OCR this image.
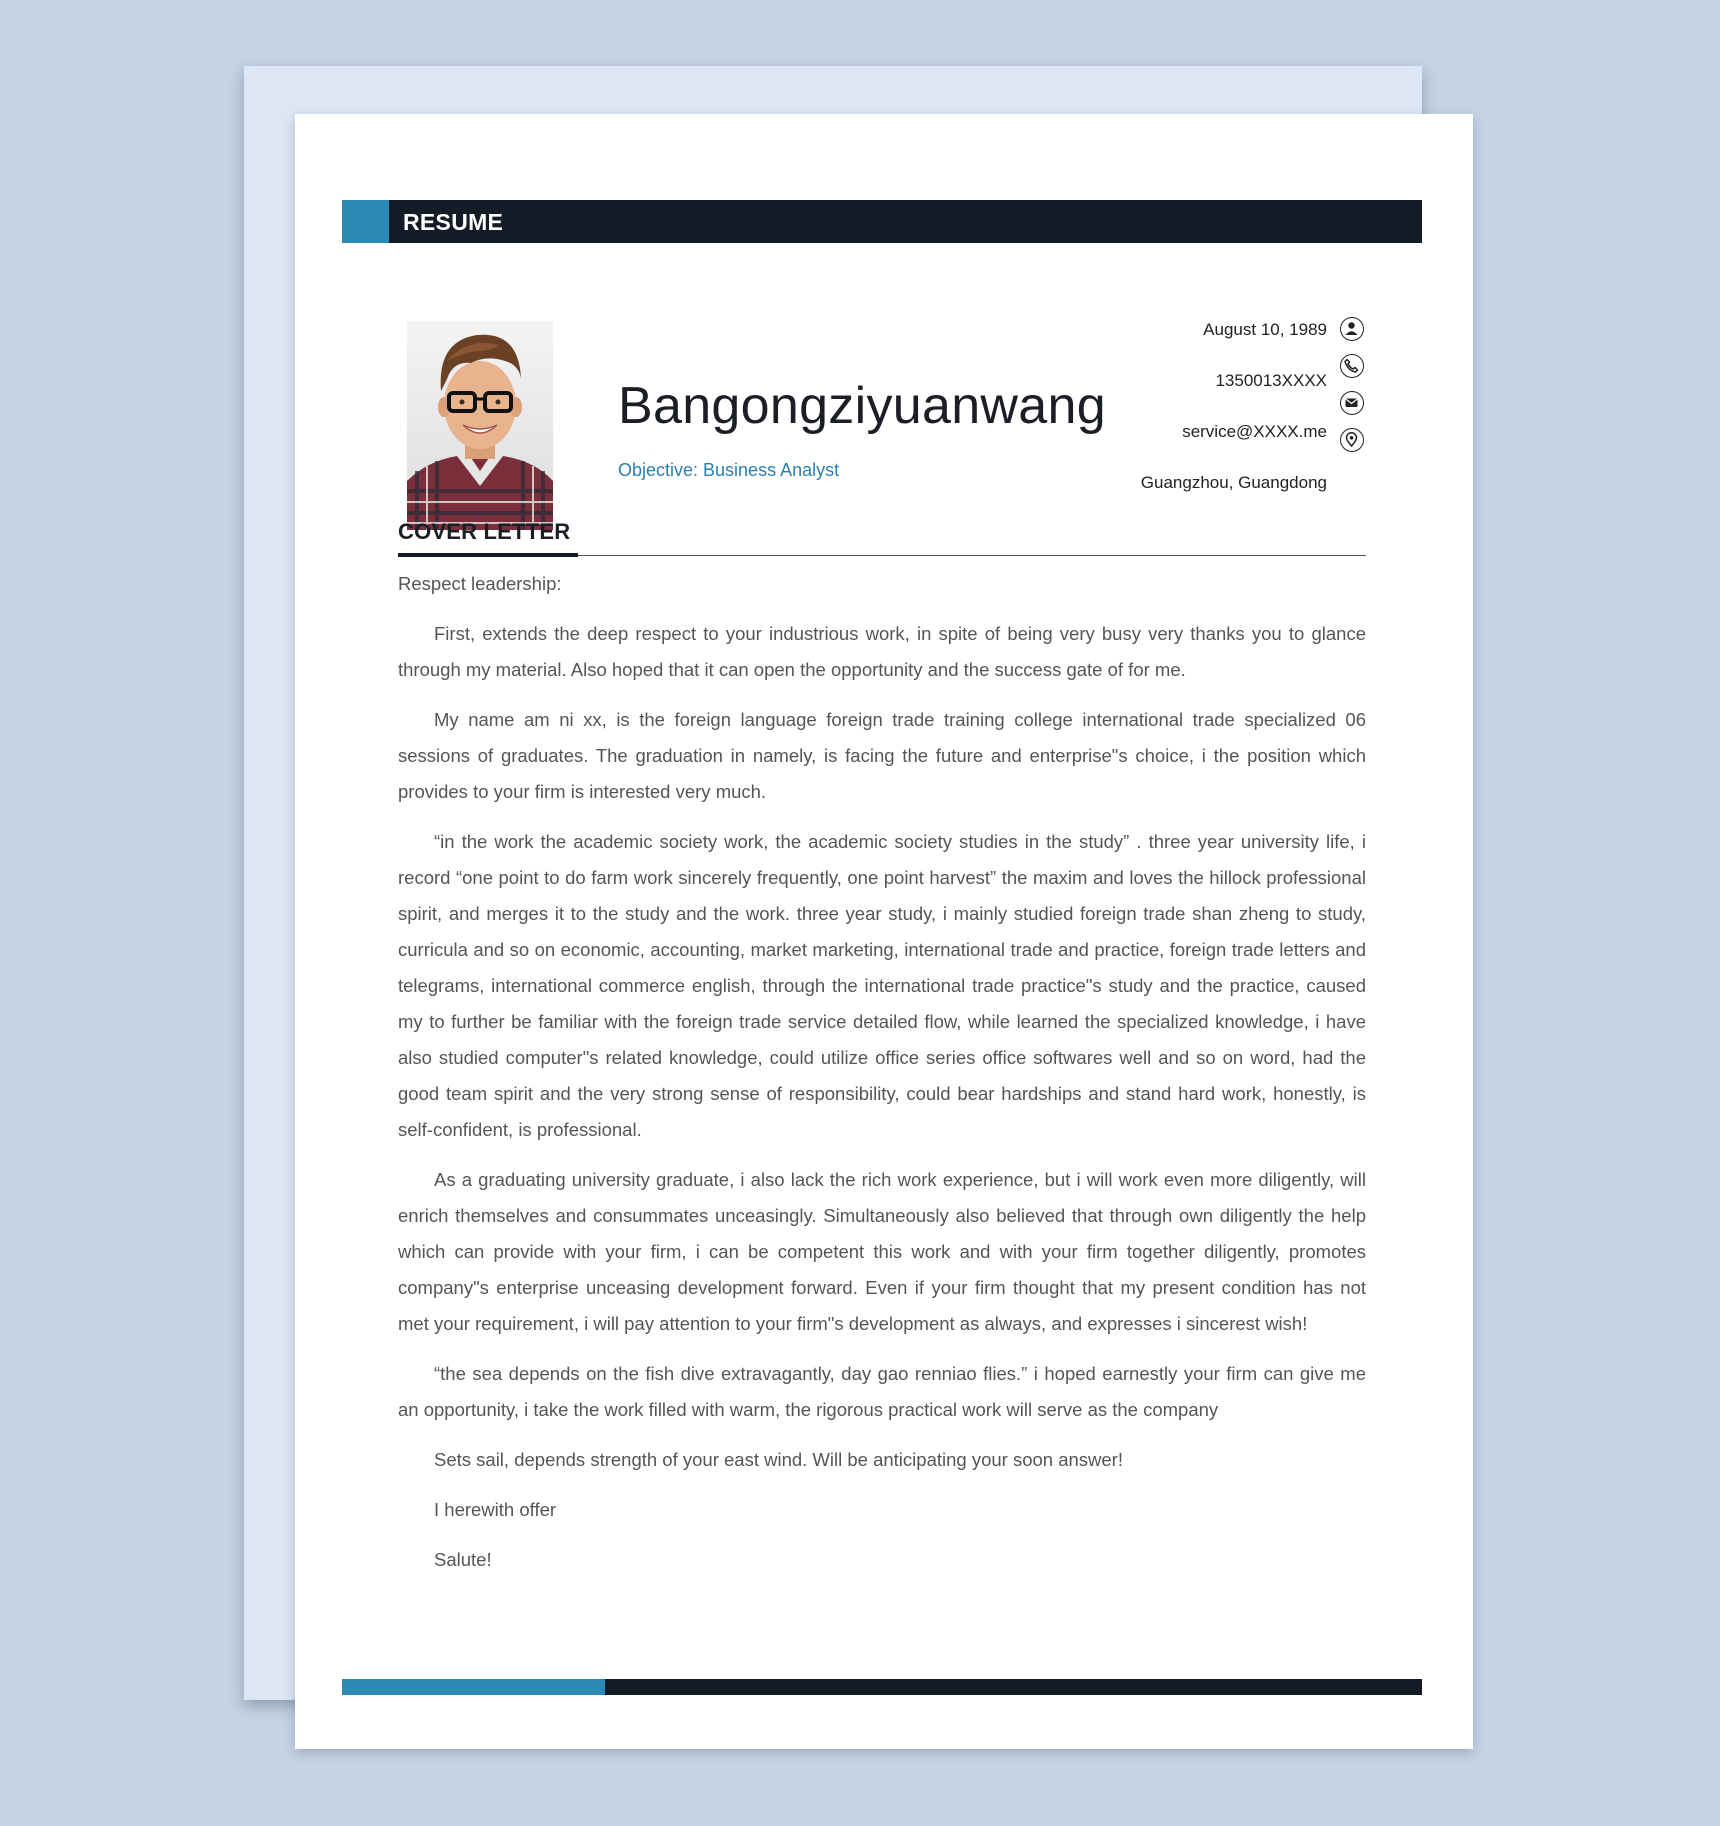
RESUME
Bangongziyuanwang
Objective: Business Analyst
August 10, 1989
1350013XXXX
service@XXXX.me
Guangzhou, Guangdong
COVER LETTER

Respect leadership:

First, extends the deep respect to your industrious work, in spite of being very busy very thanks you to glance through my material. Also hoped that it can open the opportunity and the success gate of for me.

My name am ni xx, is the foreign language foreign trade training college international trade specialized 06 sessions of graduates. The graduation in namely, is facing the future and enterprise"s choice, i the position which provides to your firm is interested very much.

“in the work the academic society work, the academic society studies in the study” . three year university life, i record “one point to do farm work sincerely frequently, one point harvest” the maxim and loves the hillock professional spirit, and merges it to the study and the work. three year study, i mainly studied foreign trade shan zheng to study, curricula and so on economic, accounting, market marketing, international trade and practice, foreign trade letters and telegrams, international commerce english, through the international trade practice"s study and the practice, caused my to further be familiar with the foreign trade service detailed flow, while learned the specialized knowledge, i have also studied computer"s related knowledge, could utilize office series office softwares well and so on word, had the good team spirit and the very strong sense of responsibility, could bear hardships and stand hard work, honestly, is self-confident, is professional.

As a graduating university graduate, i also lack the rich work experience, but i will work even more diligently, will enrich themselves and consummates unceasingly. Simultaneously also believed that through own diligently the help which can provide with your firm, i can be competent this work and with your firm together diligently, promotes company"s enterprise unceasing development forward. Even if your firm thought that my present condition has not met your requirement, i will pay attention to your firm"s development as always, and expresses i sincerest wish!

“the sea depends on the fish dive extravagantly, day gao renniao flies.” i hoped earnestly your firm can give me an opportunity, i take the work filled with warm, the rigorous practical work will serve as the company

Sets sail, depends strength of your east wind. Will be anticipating your soon answer!

I herewith offer

Salute!
